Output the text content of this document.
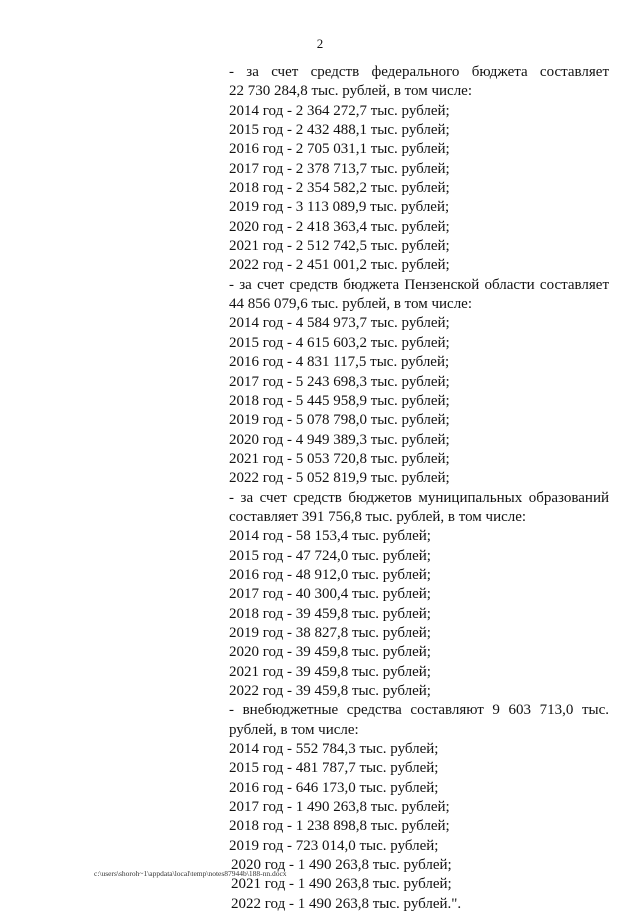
2
- за счет средств федерального бюджета составляет
22 730 284,8 тыс. рублей, в том числе:
2014 год - 2 364 272,7 тыс. рублей;
2015 год - 2 432 488,1 тыс. рублей;
2016 год - 2 705 031,1 тыс. рублей;
2017 год - 2 378 713,7 тыс. рублей;
2018 год - 2 354 582,2 тыс. рублей;
2019 год - 3 113 089,9 тыс. рублей;
2020 год - 2 418 363,4 тыс. рублей;
2021 год - 2 512 742,5 тыс. рублей;
2022 год - 2 451 001,2 тыс. рублей;
- за счет средств бюджета Пензенской области составляет
44 856 079,6 тыс. рублей, в том числе:
2014 год - 4 584 973,7 тыс. рублей;
2015 год - 4 615 603,2 тыс. рублей;
2016 год - 4 831 117,5 тыс. рублей;
2017 год - 5 243 698,3 тыс. рублей;
2018 год - 5 445 958,9 тыс. рублей;
2019 год - 5 078 798,0 тыс. рублей;
2020 год - 4 949 389,3 тыс. рублей;
2021 год - 5 053 720,8 тыс. рублей;
2022 год - 5 052 819,9 тыс. рублей;
- за счет средств бюджетов муниципальных образований
составляет 391 756,8 тыс. рублей, в том числе:
2014 год - 58 153,4 тыс. рублей;
2015 год - 47 724,0 тыс. рублей;
2016 год - 48 912,0 тыс. рублей;
2017 год - 40 300,4 тыс. рублей;
2018 год - 39 459,8 тыс. рублей;
2019 год - 38 827,8 тыс. рублей;
2020 год - 39 459,8 тыс. рублей;
2021 год - 39 459,8 тыс. рублей;
2022 год - 39 459,8 тыс. рублей;
- внебюджетные средства составляют 9 603 713,0 тыс.
рублей, в том числе:
2014 год - 552 784,3 тыс. рублей;
2015 год - 481 787,7 тыс. рублей;
2016 год - 646 173,0 тыс. рублей;
2017 год - 1 490 263,8 тыс. рублей;
2018 год - 1 238 898,8 тыс. рублей;
2019 год - 723 014,0 тыс. рублей;
2020 год - 1 490 263,8 тыс. рублей;
2021 год - 1 490 263,8 тыс. рублей;
2022 год - 1 490 263,8 тыс. рублей.".
c:\users\shoroh~1\appdata\local\temp\notes87944b\188-nn.docx
